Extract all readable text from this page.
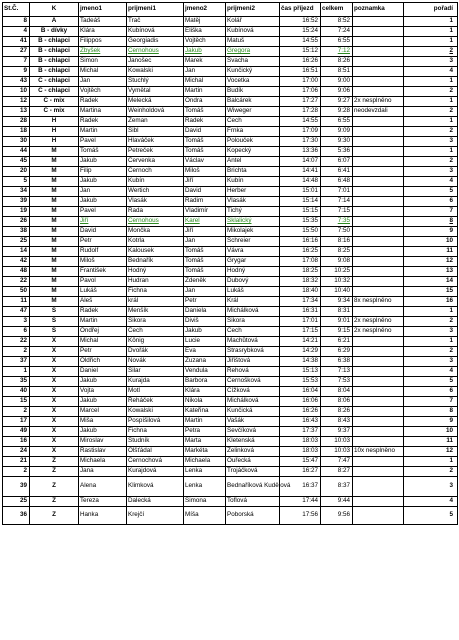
St.Č.	K	jmeno1	prijmeni1	jmeno2	prijmeni2	čas příjezd	celkem	poznamka	pořadí
8	A	Tadeáš	Trač	Matěj	Kolář	16:52	8:52		1
4	B - dívky	Klára	Kubínová	Eliška	Kubínová	15:24	7:24		1
41	B - chlapci	Filippos	Georgiadis	Vojtěch	Matuš	14:55	6:55		1
27	B - chlapci	Zbyšek	Černohous	Jakub	Gregora	15:12	7:12		2
7	B - chlapci	Šimon	Janošec	Marek	Švacha	16:26	8:26		3
9	B - chlapci	Michal	Kowalski	Jan	Kunčický	16:51	8:51		4
43	C - chlapci	Jan	Stuchlý	Michal	Vocetka	17:00	9:00		1
10	C - chlapci	Vojtěch	Vymětal	Martin	Budík	17:06	9:06		2
12	C - mix	Radek	Melecká	Ondra	Balcárek	17:27	9:27	2x nesplněno	1
13	C - mix	Martina	Weinholdová	Tomáš	Wiweger	17:28	9:28	neodevzdali	2
28	H	Radek	Zeman	Radek	Čech	14:55	6:55		1
18	H	Martin	Šibl	David	Frnka	17:09	9:09		2
30	H	Pavel	Hlaváček	Tomáš	Polouček	17:30	9:30		3
44	M	Tomáš	Petreček	Tomáš	Kopecký	13:36	5:36		1
45	M	Jakub	Červenka	Václav	Antel	14:07	6:07		2
20	M	Filip	Černoch	Miloš	Brichta	14:41	6:41		3
5	M	Jakub	Kubín	Jiří	Kubín	14:48	6:48		4
34	M	Jan	Wertich	David	Herber	15:01	7:01		5
39	M	Jakub	Vlasák	Radim	Vlasák	15:14	7:14		6
19	M	Pavel	Rada	Vladimír	Tichý	15:15	7:15		7
26	M	Jiří	Černohous	Karel	Sklalický	15:35	7:35		8
38	M	David	Mončka	Jiří	Mikolajek	15:50	7:50		9
25	M	Petr	Kotrla	Jan	Schreier	16:16	8:16		10
14	M	Rudolf	Kalousek	Tomáš	Vávra	16:25	8:25		11
42	M	Miloš	Bednařík	Tomáš	Grygar	17:08	9:08		12
48	M	František	Hodný	Tomáš	Hodný	18:25	10:25		13
22	M	Pavol	Hudran	Zdeněk	Dubový	18:32	10:32		14
50	M	Lukáš	Fichna	Jan	Lukáš	18:40	10:40		15
11	M	Aleš	král	Petr	Král	17:34	9:34	8x nesplněno	16
47	S	Radek	Menšík	Daniela	Michálková	16:31	8:31		1
3	S	Martin	Sikora	Diviš	Sikora	17:01	9:01	2x nesplněno	2
6	S	Ondřej	Čech	Jakub	Čech	17:15	9:15	2x nesplněno	3
22	X	Michal	König	Lucie	Machůtová	14:21	6:21		1
2	X	Petr	Dvořák	Eva	Strasrybková	14:29	6:29		2
37	X	Oldřich	Novák	Zuzana	Jiřištová	14:38	6:38		3
1	X	Daniel	Šilar	Vendula	Řehová	15:13	7:13		4
35	X	Jakub	Kurajda	Barbora	Černošková	15:53	7:53		5
40	X	Vojta	Motl	Klára	Čížková	16:04	8:04		6
15	X	Jakub	Řeháček	Nikola	Michálková	16:06	8:06		7
2	X	Marcel	Kowalski	Kateřina	Kunčická	16:26	8:26		8
17	X	Miša	Pospíšilová	Martin	Vašák	16:43	8:43		9
49	X	Jakub	Fichna	Petra	Ševčíková	17:37	9:37		10
16	X	Miroslav	Studník	Marta	Kletenská	18:03	10:03		11
24	X	Rastislav	Olšťádal	Markéta	Zelinková	18:03	10:03	10x nesplněno	12
21	Z	Michaela	Černochová	Michaela	Ouřecká	15:47	7:47		1
2	Z	Jana	Kurajdová	Lenka	Trojáčková	16:27	8:27		2
39	Z	Alena	Klimková	Lenka	Bednaříková Kudělová	16:37	8:37		3
25	Z	Tereza	Dalecká	Simona	Toflová	17:44	9:44		4
36	Z	Hanka	Krejčí	Míša	Poborská	17:56	9:56		5
